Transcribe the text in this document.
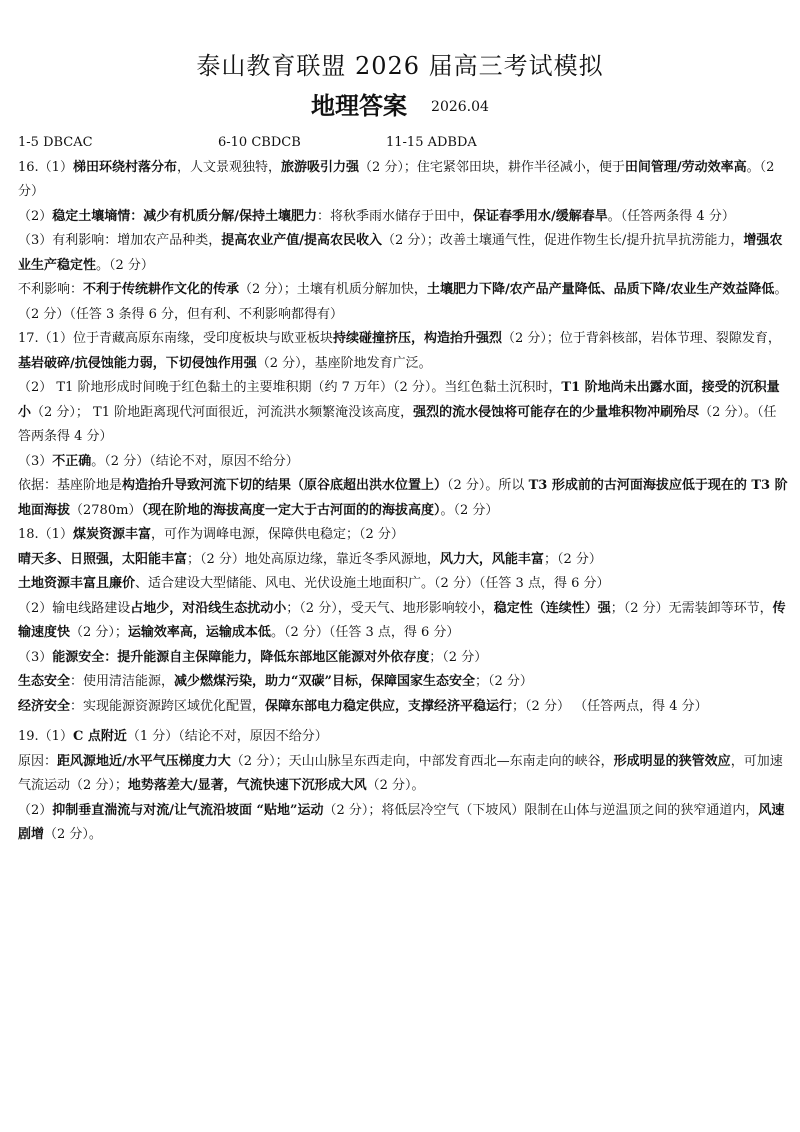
泰山教育联盟 2026 届高三考试模拟
地理答案 2026.04
1-5 DBCAC	6-10 CBDCB	11-15 ADBDA
16.（1）梯田环绕村落分布，人文景观独特，旅游吸引力强（2 分）；住宅紧邻田块，耕作半径减小，便于田间管理/劳动效率高。（2 分）
（2）稳定土壤墒情：减少有机质分解/保持土壤肥力：将秋季雨水储存于田中，保证春季用水/缓解春旱。（任答两条得 4 分）
（3）有利影响：增加农产品种类，提高农业产值/提高农民收入（2 分）；改善土壤通气性，促进作物生长/提升抗旱抗涝能力，增强农业生产稳定性。（2 分）
不利影响：不利于传统耕作文化的传承（2 分）；土壤有机质分解加快，土壤肥力下降/农产品产量降低、品质下降/农业生产效益降低。（2 分）（任答 3 条得 6 分，但有利、不利影响都得有）
17.（1）位于青藏高原东南缘，受印度板块与欧亚板块持续碰撞挤压，构造抬升强烈（2 分）；位于背斜核部，岩体节理、裂隙发育，基岩破碎/抗侵蚀能力弱，下切侵蚀作用强（2 分），基座阶地发育广泛。
（2） T1 阶地形成时间晚于红色黏土的主要堆积期（约 7 万年）（2 分）。当红色黏土沉积时，T1 阶地尚未出露水面，接受的沉积量小（2 分）； T1 阶地距离现代河面很近，河流洪水频繁淹没该高度，强烈的流水侵蚀将可能存在的少量堆积物冲刷殆尽（2 分）。（任答两条得 4 分）
（3）不正确。（2 分）（结论不对，原因不给分）
依据：基座阶地是构造抬升导致河流下切的结果（原谷底超出洪水位置上）（2 分）。所以 T3 形成前的古河面海拔应低于现在的 T3 阶地面海拔（2780m）（现在阶地的海拔高度一定大于古河面的的海拔高度）。（2 分）
18.（1）煤炭资源丰富，可作为调峰电源，保障供电稳定；（2 分）
晴天多、日照强，太阳能丰富；（2 分）地处高原边缘，靠近冬季风源地，风力大，风能丰富；（2 分）
土地资源丰富且廉价、适合建设大型储能、风电、光伏设施土地面积广。（2 分）（任答 3 点，得 6 分）
（2）输电线路建设占地少，对沿线生态扰动小；（2 分），受天气、地形影响较小，稳定性（连续性）强；（2 分）无需装卸等环节，传输速度快（2 分）；运输效率高，运输成本低。（2 分）（任答 3 点，得 6 分）
（3）能源安全：提升能源自主保障能力，降低东部地区能源对外依存度；（2 分）
生态安全：使用清洁能源，减少燃煤污染，助力“双碳”目标，保障国家生态安全；（2 分）
经济安全：实现能源资源跨区域优化配置，保障东部电力稳定供应，支撑经济平稳运行；（2 分） （任答两点，得 4 分）
19.（1）C 点附近（1 分）（结论不对，原因不给分）
原因：距风源地近/水平气压梯度力大（2 分）；天山山脉呈东西走向，中部发育西北—东南走向的峡谷，形成明显的狭管效应，可加速气流运动（2 分）；地势落差大/显著，气流快速下沉形成大风（2 分）。
（2）抑制垂直湍流与对流/让气流沿坡面 “贴地”运动（2 分）；将低层冷空气（下坡风）限制在山体与逆温顶之间的狭窄通道内，风速剧增（2 分）。
